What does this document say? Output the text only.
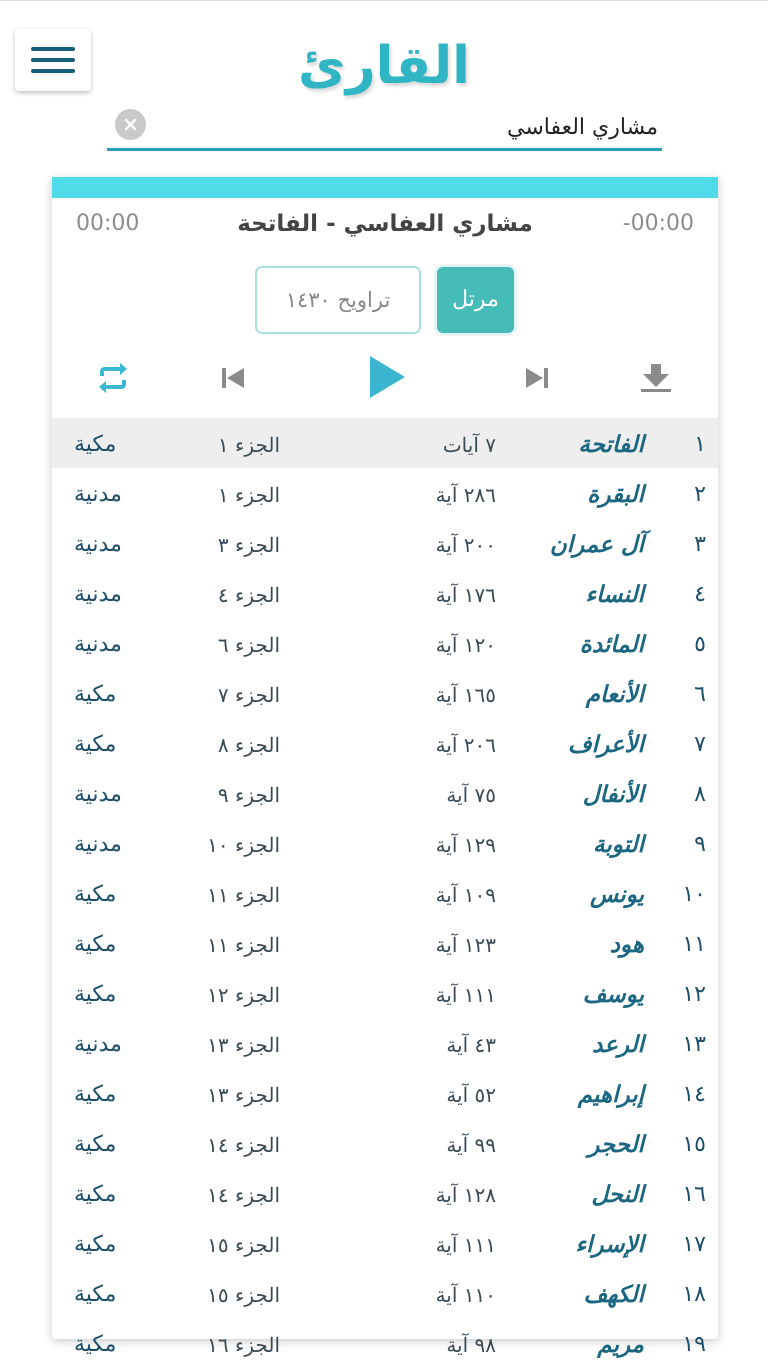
القارئ
×
مشاري العفاسي
00:00	مشاري العفاسي - الفاتحة	-00:00
مرتل
تراويح ١٤٣٠
١
الفاتحة
٧ آيات
الجزء ١
مكية
٢
البقرة
٢٨٦ آية
الجزء ١
مدنية
٣
آل عمران
٢٠٠ آية
الجزء ٣
مدنية
٤
النساء
١٧٦ آية
الجزء ٤
مدنية
٥
المائدة
١٢٠ آية
الجزء ٦
مدنية
٦
الأنعام
١٦٥ آية
الجزء ٧
مكية
٧
الأعراف
٢٠٦ آية
الجزء ٨
مكية
٨
الأنفال
٧٥ آية
الجزء ٩
مدنية
٩
التوبة
١٢٩ آية
الجزء ١٠
مدنية
١٠
يونس
١٠٩ آية
الجزء ١١
مكية
١١
هود
١٢٣ آية
الجزء ١١
مكية
١٢
يوسف
١١١ آية
الجزء ١٢
مكية
١٣
الرعد
٤٣ آية
الجزء ١٣
مدنية
١٤
إبراهيم
٥٢ آية
الجزء ١٣
مكية
١٥
الحجر
٩٩ آية
الجزء ١٤
مكية
١٦
النحل
١٢٨ آية
الجزء ١٤
مكية
١٧
الإسراء
١١١ آية
الجزء ١٥
مكية
١٨
الكهف
١١٠ آية
الجزء ١٥
مكية
١٩
مريم
٩٨ آية
الجزء ١٦
مكية
